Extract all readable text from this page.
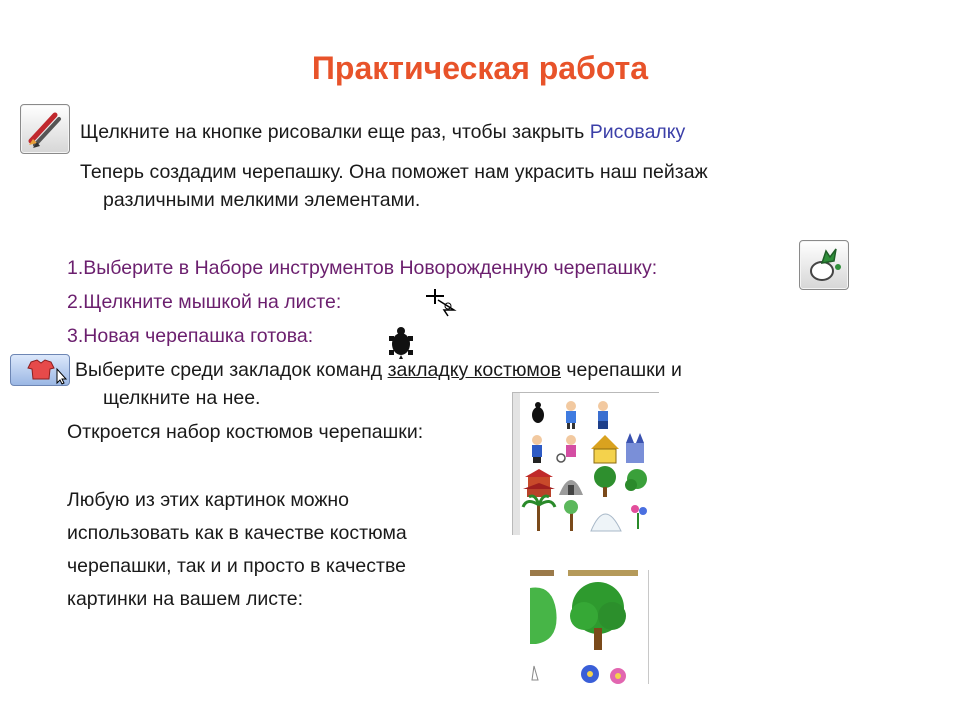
Практическая работа
Щелкните на кнопке рисовалки еще раз, чтобы закрыть Рисовалку
Теперь создадим черепашку. Она поможет нам украсить наш пейзаж
различными мелкими элементами.
1.Выберите в Наборе инструментов Новорожденную черепашку:
2.Щелкните мышкой на листе:
3.Новая черепашка готова:
Выберите среди закладок команд закладку костюмов черепашки и
щелкните на нее.
Откроется набор костюмов черепашки:
Любую из этих картинок можно
использовать как в качестве костюма
черепашки, так и и просто в качестве
картинки на вашем листе:
